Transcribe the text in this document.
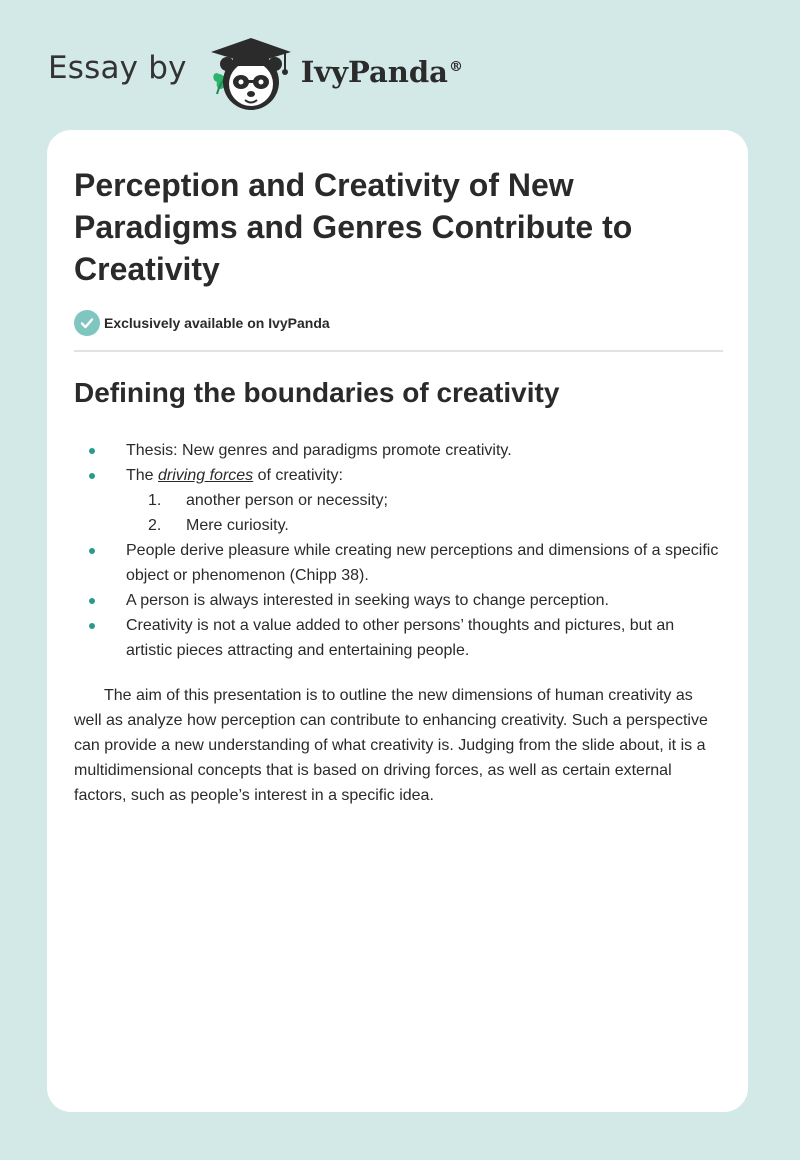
Essay by	IvyPanda®
Perception and Creativity of New Paradigms and Genres Contribute to Creativity
Exclusively available on IvyPanda
Defining the boundaries of creativity
Thesis: New genres and paradigms promote creativity.
The driving forces of creativity:
1. another person or necessity;
2. Mere curiosity.
People derive pleasure while creating new perceptions and dimensions of a specific object or phenomenon (Chipp 38).
A person is always interested in seeking ways to change perception.
Creativity is not a value added to other persons’ thoughts and pictures, but an artistic pieces attracting and entertaining people.

The aim of this presentation is to outline the new dimensions of human creativity as well as analyze how perception can contribute to enhancing creativity. Such a perspective can provide a new understanding of what creativity is. Judging from the slide about, it is a multidimensional concepts that is based on driving forces, as well as certain external factors, such as people’s interest in a specific idea.
